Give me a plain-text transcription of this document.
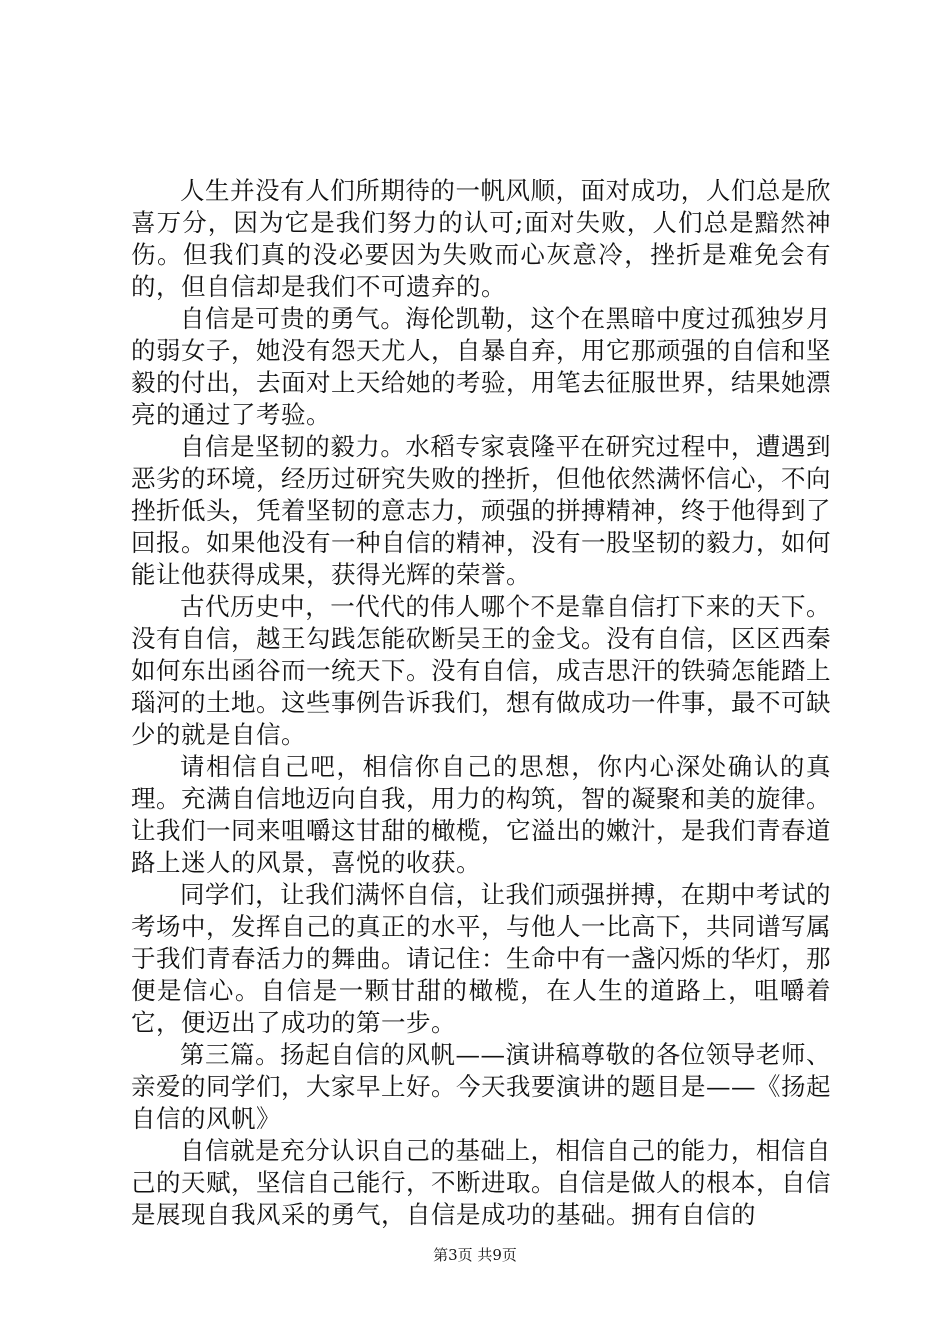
人生并没有人们所期待的一帆风顺，面对成功，人们总是欣喜万分，因为它是我们努力的认可;面对失败，人们总是黯然神伤。但我们真的没必要因为失败而心灰意冷，挫折是难免会有的，但自信却是我们不可遗弃的。

自信是可贵的勇气。海伦凯勒，这个在黑暗中度过孤独岁月的弱女子，她没有怨天尤人，自暴自弃，用它那顽强的自信和坚毅的付出，去面对上天给她的考验，用笔去征服世界，结果她漂亮的通过了考验。

自信是坚韧的毅力。水稻专家袁隆平在研究过程中，遭遇到恶劣的环境，经历过研究失败的挫折，但他依然满怀信心，不向挫折低头，凭着坚韧的意志力，顽强的拼搏精神，终于他得到了回报。如果他没有一种自信的精神，没有一股坚韧的毅力，如何能让他获得成果，获得光辉的荣誉。

古代历史中，一代代的伟人哪个不是靠自信打下来的天下。没有自信，越王勾践怎能砍断吴王的金戈。没有自信，区区西秦如何东出函谷而一统天下。没有自信，成吉思汗的铁骑怎能踏上瑙河的土地。这些事例告诉我们，想有做成功一件事，最不可缺少的就是自信。

请相信自己吧，相信你自己的思想，你内心深处确认的真理。充满自信地迈向自我，用力的构筑，智的凝聚和美的旋律。让我们一同来咀嚼这甘甜的橄榄，它溢出的嫩汁，是我们青春道路上迷人的风景，喜悦的收获。

同学们，让我们满怀自信，让我们顽强拼搏，在期中考试的考场中，发挥自己的真正的水平，与他人一比高下，共同谱写属于我们青春活力的舞曲。请记住：生命中有一盏闪烁的华灯，那便是信心。自信是一颗甘甜的橄榄，在人生的道路上，咀嚼着它，便迈出了成功的第一步。

第三篇。扬起自信的风帆——演讲稿尊敬的各位领导老师、亲爱的同学们，大家早上好。今天我要演讲的题目是——《扬起自信的风帆》

自信就是充分认识自己的基础上，相信自己的能力，相信自己的天赋，坚信自己能行，不断进取。自信是做人的根本，自信是展现自我风采的勇气，自信是成功的基础。拥有自信的

第3页 共9页
